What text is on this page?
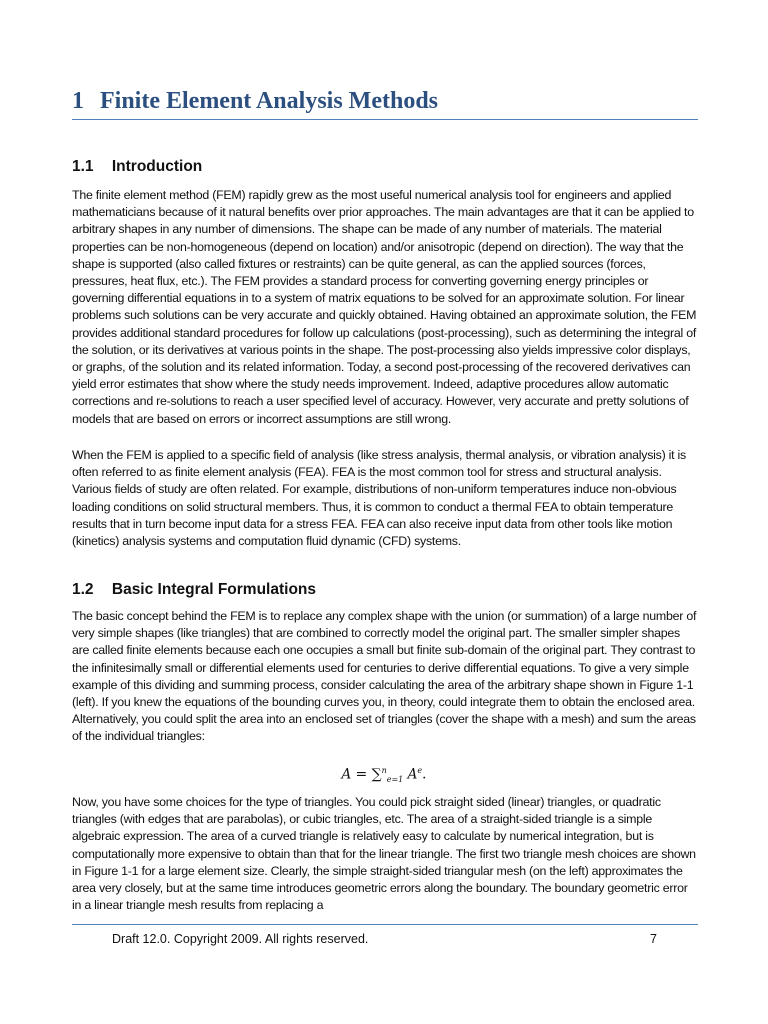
1 Finite Element Analysis Methods
1.1 Introduction

The finite element method (FEM) rapidly grew as the most useful numerical analysis tool for engineers and applied mathematicians because of it natural benefits over prior approaches. The main advantages are that it can be applied to arbitrary shapes in any number of dimensions. The shape can be made of any number of materials. The material properties can be non-homogeneous (depend on location) and/or anisotropic (depend on direction). The way that the shape is supported (also called fixtures or restraints) can be quite general, as can the applied sources (forces, pressures, heat flux, etc.). The FEM provides a standard process for converting governing energy principles or governing differential equations in to a system of matrix equations to be solved for an approximate solution. For linear problems such solutions can be very accurate and quickly obtained. Having obtained an approximate solution, the FEM provides additional standard procedures for follow up calculations (post-processing), such as determining the integral of the solution, or its derivatives at various points in the shape. The post-processing also yields impressive color displays, or graphs, of the solution and its related information. Today, a second post-processing of the recovered derivatives can yield error estimates that show where the study needs improvement. Indeed, adaptive procedures allow automatic corrections and re-solutions to reach a user specified level of accuracy. However, very accurate and pretty solutions of models that are based on errors or incorrect assumptions are still wrong.

When the FEM is applied to a specific field of analysis (like stress analysis, thermal analysis, or vibration analysis) it is often referred to as finite element analysis (FEA). FEA is the most common tool for stress and structural analysis. Various fields of study are often related. For example, distributions of non-uniform temperatures induce non-obvious loading conditions on solid structural members. Thus, it is common to conduct a thermal FEA to obtain temperature results that in turn become input data for a stress FEA. FEA can also receive input data from other tools like motion (kinetics) analysis systems and computation fluid dynamic (CFD) systems.

1.2 Basic Integral Formulations

The basic concept behind the FEM is to replace any complex shape with the union (or summation) of a large number of very simple shapes (like triangles) that are combined to correctly model the original part. The smaller simpler shapes are called finite elements because each one occupies a small but finite sub-domain of the original part. They contrast to the infinitesimally small or differential elements used for centuries to derive differential equations. To give a very simple example of this dividing and summing process, consider calculating the area of the arbitrary shape shown in Figure 1-1 (left). If you knew the equations of the bounding curves you, in theory, could integrate them to obtain the enclosed area. Alternatively, you could split the area into an enclosed set of triangles (cover the shape with a mesh) and sum the areas of the individual triangles:

A = ∑$^n_{e=1}$ $A^e$.

Now, you have some choices for the type of triangles. You could pick straight sided (linear) triangles, or quadratic triangles (with edges that are parabolas), or cubic triangles, etc. The area of a straight-sided triangle is a simple algebraic expression. The area of a curved triangle is relatively easy to calculate by numerical integration, but is computationally more expensive to obtain than that for the linear triangle. The first two triangle mesh choices are shown in Figure 1-1 for a large element size. Clearly, the simple straight-sided triangular mesh (on the left) approximates the area very closely, but at the same time introduces geometric errors along the boundary. The boundary geometric error in a linear triangle mesh results from replacing a

Draft 12.0. Copyright 2009. All rights reserved.	7
